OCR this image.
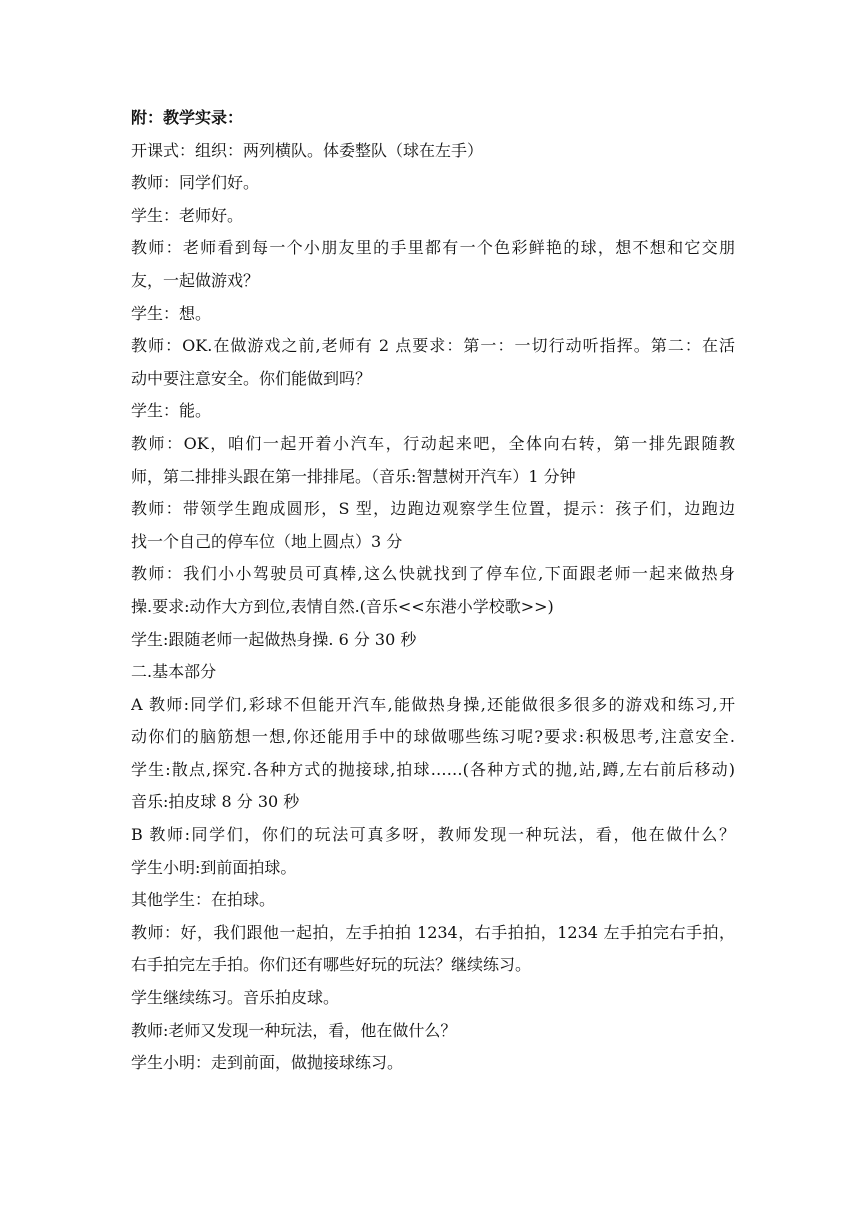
附：教学实录：
开课式：组织：两列横队。体委整队（球在左手）
教师：同学们好。
学生：老师好。
教师：老师看到每一个小朋友里的手里都有一个色彩鲜艳的球，想不想和它交朋
友，一起做游戏？
学生：想。
教师：OK.在做游戏之前,老师有 2 点要求：第一：一切行动听指挥。第二：在活
动中要注意安全。你们能做到吗？
学生：能。
教师：OK，咱们一起开着小汽车，行动起来吧，全体向右转，第一排先跟随教
师，第二排排头跟在第一排排尾。（音乐:智慧树开汽车）1 分钟
教师：带领学生跑成圆形，S 型，边跑边观察学生位置，提示：孩子们，边跑边
找一个自己的停车位（地上圆点）3 分
教师：我们小小驾驶员可真棒,这么快就找到了停车位,下面跟老师一起来做热身
操.要求:动作大方到位,表情自然.(音乐<<东港小学校歌>>)
学生:跟随老师一起做热身操. 6 分 30 秒
二.基本部分
A 教师:同学们,彩球不但能开汽车,能做热身操,还能做很多很多的游戏和练习,开
动你们的脑筋想一想,你还能用手中的球做哪些练习呢?要求:积极思考,注意安全.
学生:散点,探究.各种方式的抛接球,拍球……(各种方式的抛,站,蹲,左右前后移动)
音乐:拍皮球 8 分 30 秒
B 教师:同学们，你们的玩法可真多呀，教师发现一种玩法，看，他在做什么？
学生小明:到前面拍球。
其他学生：在拍球。
教师：好，我们跟他一起拍，左手拍拍 1234，右手拍拍，1234 左手拍完右手拍，
右手拍完左手拍。你们还有哪些好玩的玩法？继续练习。
学生继续练习。音乐拍皮球。
教师:老师又发现一种玩法，看，他在做什么？
学生小明：走到前面，做抛接球练习。
